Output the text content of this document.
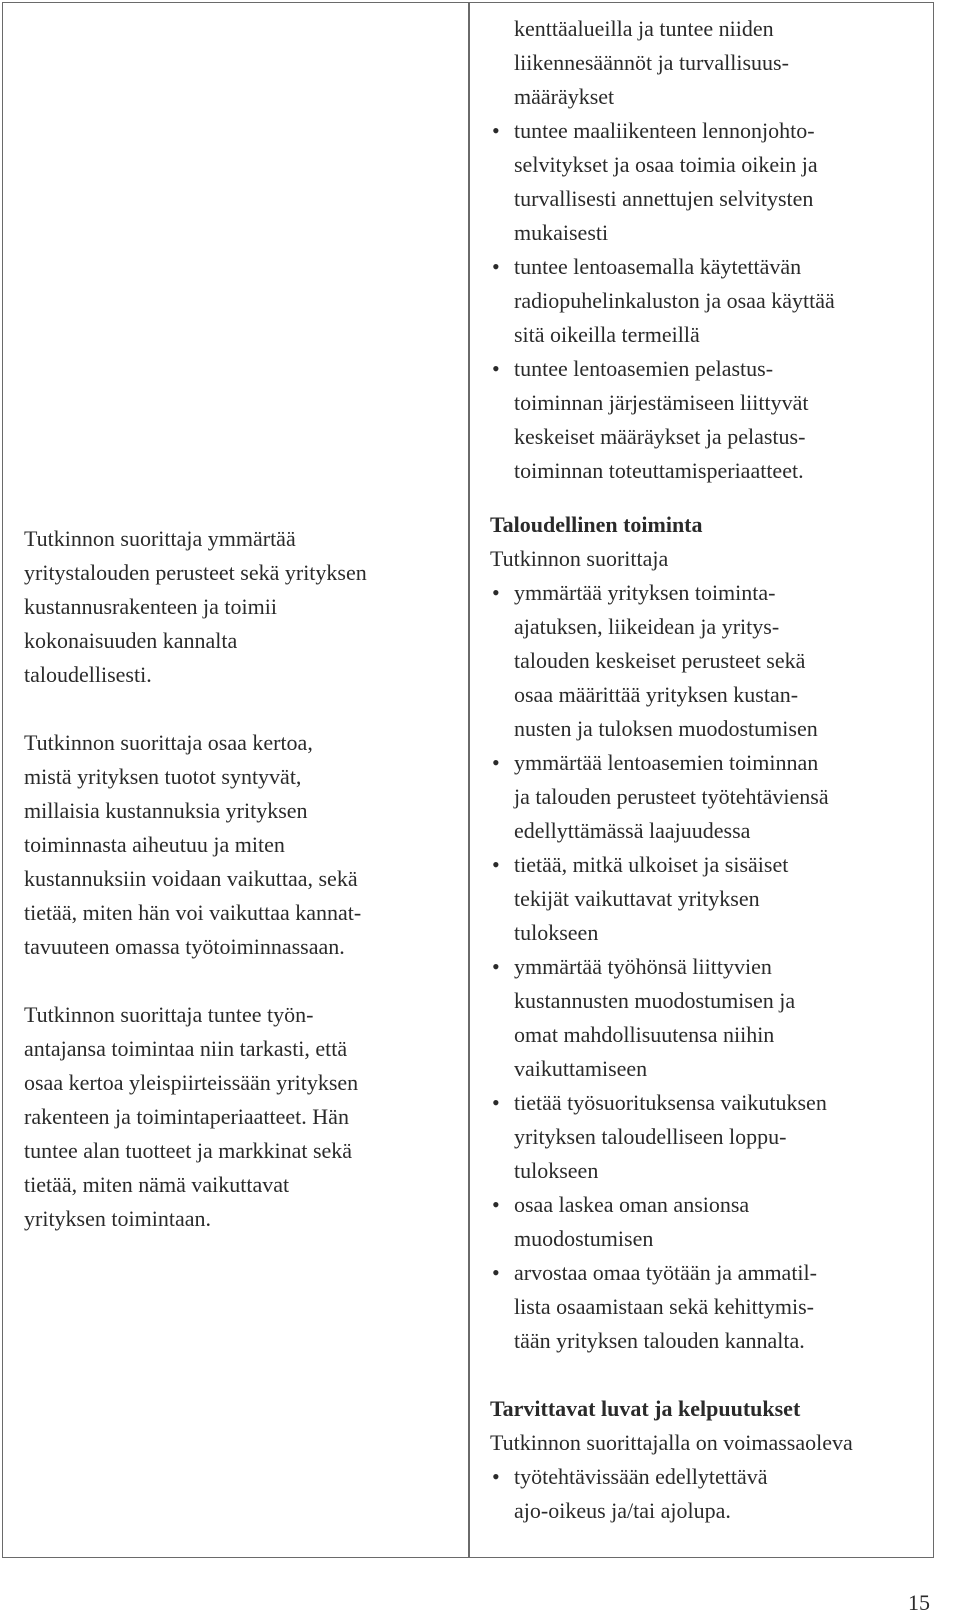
Tutkinnon suorittaja ymmärtää
yritystalouden perusteet sekä yrityksen
kustannusrakenteen ja toimii
kokonaisuuden kannalta
taloudellisesti.

Tutkinnon suorittaja osaa kertoa,
mistä yrityksen tuotot syntyvät,
millaisia kustannuksia yrityksen
toiminnasta aiheutuu ja miten
kustannuksiin voidaan vaikuttaa, sekä
tietää, miten hän voi vaikuttaa kannat-
tavuuteen omassa työtoiminnassaan.

Tutkinnon suorittaja tuntee työn-
antajansa toimintaa niin tarkasti, että
osaa kertoa yleispiirteissään yrityksen
rakenteen ja toimintaperiaatteet. Hän
tuntee alan tuotteet ja markkinat sekä
tietää, miten nämä vaikuttavat
yrityksen toimintaan.

kenttäalueilla ja tuntee niiden
liikennesäännöt ja turvallisuus-
määräykset
• tuntee maaliikenteen lennonjohto-
selvitykset ja osaa toimia oikein ja
turvallisesti annettujen selvitysten
mukaisesti
• tuntee lentoasemalla käytettävän
radiopuhelinkaluston ja osaa käyttää
sitä oikeilla termeillä
• tuntee lentoasemien pelastus-
toiminnan järjestämiseen liittyvät
keskeiset määräykset ja pelastus-
toiminnan toteuttamisperiaatteet.

Taloudellinen toiminta

Tutkinnon suorittaja

• ymmärtää yrityksen toiminta-
ajatuksen, liikeidean ja yritys-
talouden keskeiset perusteet sekä
osaa määrittää yrityksen kustan-
nusten ja tuloksen muodostumisen
• ymmärtää lentoasemien toiminnan
ja talouden perusteet työtehtäviensä
edellyttämässä laajuudessa
• tietää, mitkä ulkoiset ja sisäiset
tekijät vaikuttavat yrityksen
tulokseen
• ymmärtää työhönsä liittyvien
kustannusten muodostumisen ja
omat mahdollisuutensa niihin
vaikuttamiseen
• tietää työsuorituksensa vaikutuksen
yrityksen taloudelliseen loppu-
tulokseen
• osaa laskea oman ansionsa
muodostumisen
• arvostaa omaa työtään ja ammatil-
lista osaamistaan sekä kehittymis-
tään yrityksen talouden kannalta.

Tarvittavat luvat ja kelpuutukset

Tutkinnon suorittajalla on voimassaoleva

• työtehtävissään edellytettävä
ajo-oikeus ja/tai ajolupa.
15
